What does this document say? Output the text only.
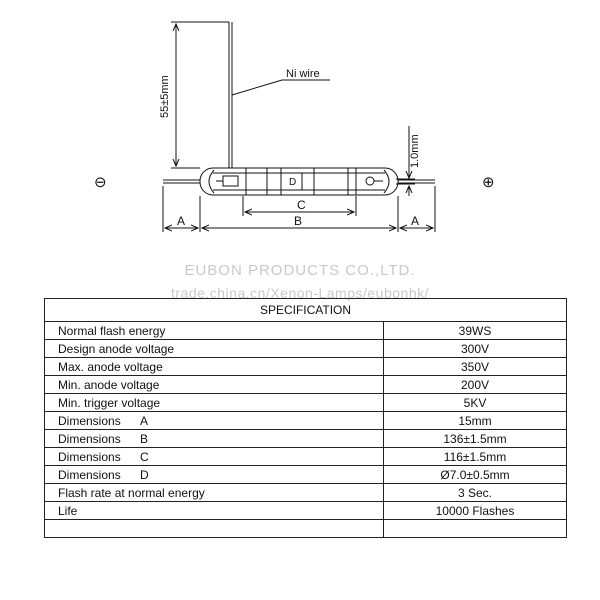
Ni wire
55±5mm
1.0mm
⊖	⊕
A	B
C
D
A
EUBON PRODUCTS CO.,LTD.
trade.china.cn/Xenon-Lamps/eubonhk/
SPECIFICATION	
Normal flash energy	39WS
Design anode voltage	300V
Max. anode voltage	350V
Min. anode voltage	200V
Min. trigger voltage	5KV
Dimensions A	15mm
Dimensions B	136±1.5mm
Dimensions C	116±1.5mm
Dimensions D	Ø7.0±0.5mm
Flash rate at normal energy	3 Sec.
Life	10000 Flashes
